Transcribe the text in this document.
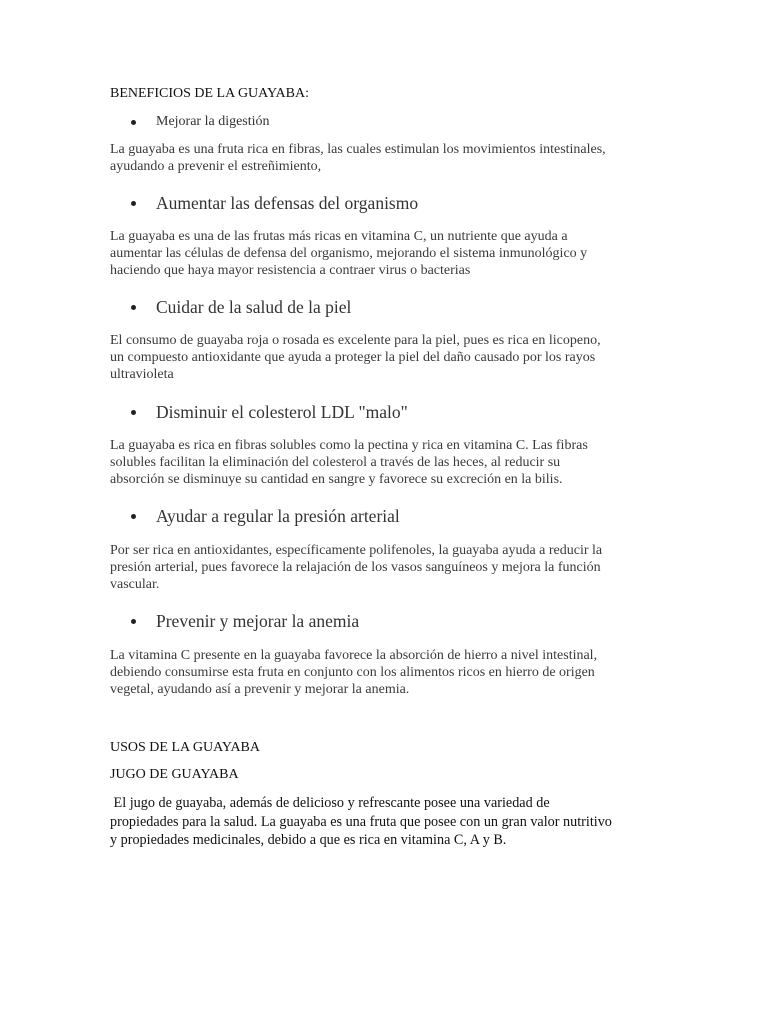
BENEFICIOS DE LA GUAYABA:
Mejorar la digestión
La guayaba es una fruta rica en fibras, las cuales estimulan los movimientos intestinales,
ayudando a prevenir el estreñimiento,
Aumentar las defensas del organismo
La guayaba es una de las frutas más ricas en vitamina C, un nutriente que ayuda a
aumentar las células de defensa del organismo, mejorando el sistema inmunológico y
haciendo que haya mayor resistencia a contraer virus o bacterias
Cuidar de la salud de la piel
El consumo de guayaba roja o rosada es excelente para la piel, pues es rica en licopeno,
un compuesto antioxidante que ayuda a proteger la piel del daño causado por los rayos
ultravioleta
Disminuir el colesterol LDL "malo"
La guayaba es rica en fibras solubles como la pectina y rica en vitamina C. Las fibras
solubles facilitan la eliminación del colesterol a través de las heces, al reducir su
absorción se disminuye su cantidad en sangre y favorece su excreción en la bilis.
Ayudar a regular la presión arterial
Por ser rica en antioxidantes, específicamente polifenoles, la guayaba ayuda a reducir la
presión arterial, pues favorece la relajación de los vasos sanguíneos y mejora la función
vascular.
Prevenir y mejorar la anemia
La vitamina C presente en la guayaba favorece la absorción de hierro a nivel intestinal,
debiendo consumirse esta fruta en conjunto con los alimentos ricos en hierro de origen
vegetal, ayudando así a prevenir y mejorar la anemia.
USOS DE LA GUAYABA
JUGO DE GUAYABA
El jugo de guayaba, además de delicioso y refrescante posee una variedad de
propiedades para la salud. La guayaba es una fruta que posee con un gran valor nutritivo
y propiedades medicinales, debido a que es rica en vitamina C, A y B.
